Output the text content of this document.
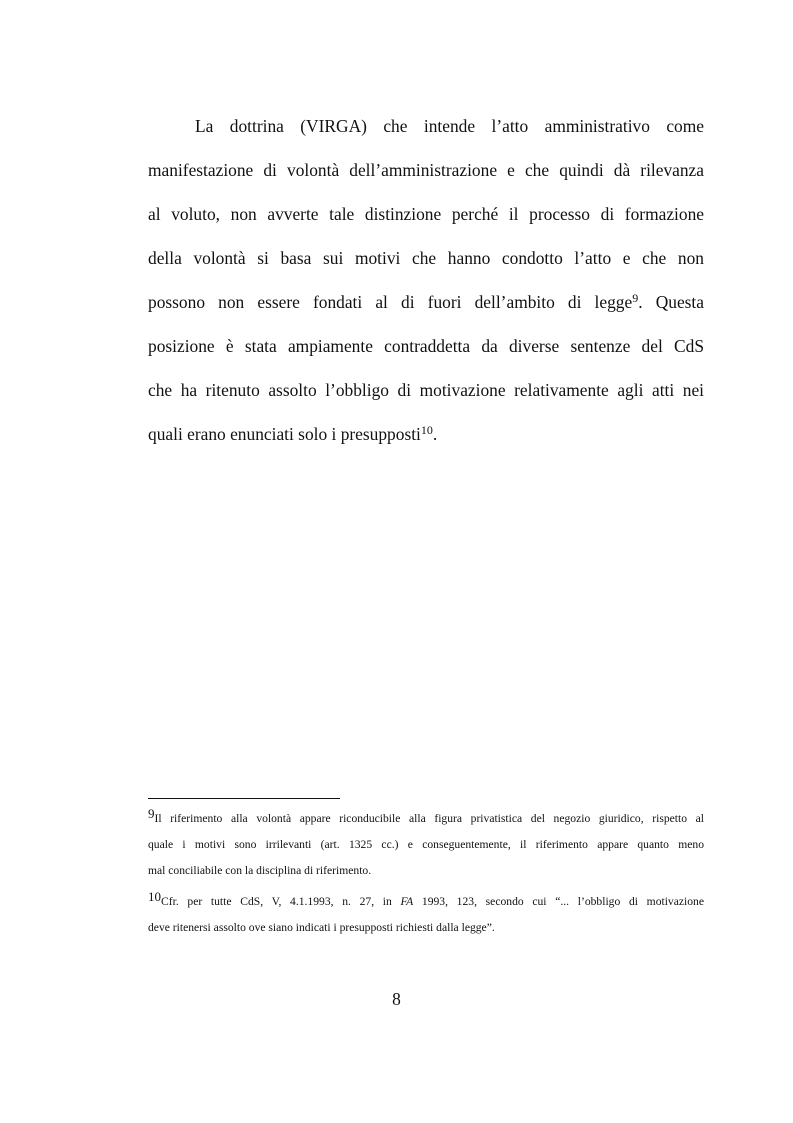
La dottrina (VIRGA) che intende l’atto amministrativo come
manifestazione di volontà dell’amministrazione e che quindi dà rilevanza
al voluto, non avverte tale distinzione perché il processo di formazione
della volontà si basa sui motivi che hanno condotto l’atto e che non
possono non essere fondati al di fuori dell’ambito di legge$^9$. Questa
posizione è stata ampiamente contraddetta da diverse sentenze del CdS
che ha ritenuto assolto l’obbligo di motivazione relativamente agli atti nei
quali erano enunciati solo i presupposti$^{10}$.
9Il riferimento alla volontà appare riconducibile alla figura privatistica del negozio giuridico, rispetto al
quale i motivi sono irrilevanti (art. 1325 cc.) e conseguentemente, il riferimento appare quanto meno
mal conciliabile con la disciplina di riferimento.
10Cfr. per tutte CdS, V, 4.1.1993, n. 27, in FA 1993, 123, secondo cui “... l’obbligo di motivazione
deve ritenersi assolto ove siano indicati i presupposti richiesti dalla legge”.
8
